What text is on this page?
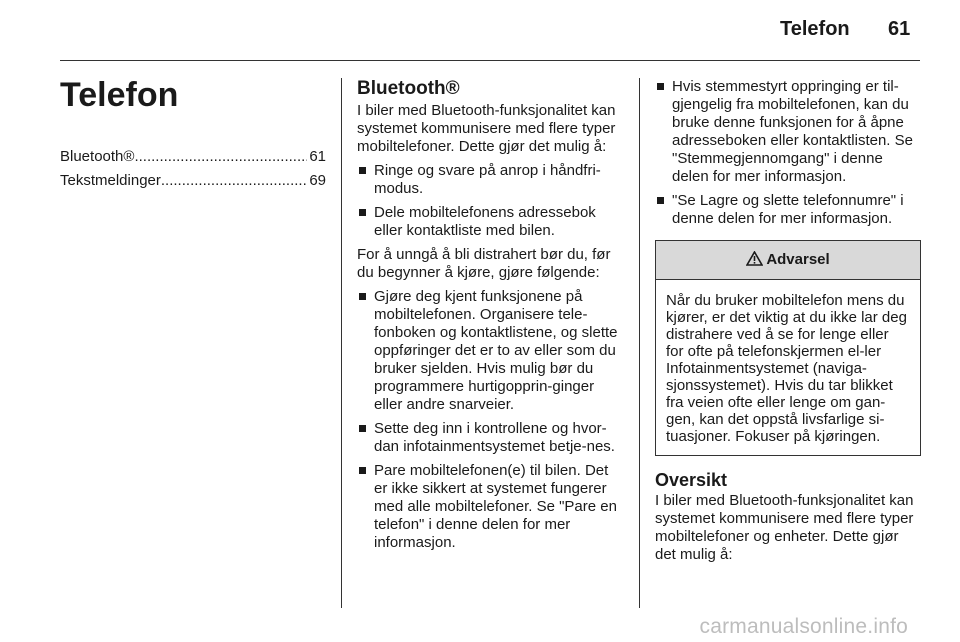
Telefon 61
Telefon
Bluetooth® .....	61
Tekstmeldinger .....	69
Bluetooth®

I biler med Bluetooth-funksjonalitet kan systemet kommunisere med flere typer mobiltelefoner. Dette gjør det mulig å:

Ringe og svare på anrop i håndfri-modus.
Dele mobiltelefonens adressebok eller kontaktliste med bilen.

For å unngå å bli distrahert bør du, før du begynner å kjøre, gjøre følgende:

Gjøre deg kjent funksjonene på mobiltelefonen. Organisere tele-fonboken og kontaktlistene, og slette oppføringer det er to av eller som du bruker sjelden. Hvis mulig bør du programmere hurtigopprin-ginger eller andre snarveier.
Sette deg inn i kontrollene og hvor-dan infotainmentsystemet betje-nes.
Pare mobiltelefonen(e) til bilen. Det er ikke sikkert at systemet fungerer med alle mobiltelefoner. Se "Pare en telefon" i denne delen for mer informasjon.
Hvis stemmestyrt oppringing er til-gjengelig fra mobiltelefonen, kan du bruke denne funksjonen for å åpne adresseboken eller kontaktlisten. Se "Stemmegjennomgang" i denne delen for mer informasjon.
"Se Lagre og slette telefonnumre" i denne delen for mer informasjon.
Advarsel
Når du bruker mobiltelefon mens du kjører, er det viktig at du ikke lar deg distrahere ved å se for lenge eller for ofte på telefonskjermen el-ler Infotainmentsystemet (naviga-sjonssystemet). Hvis du tar blikket fra veien ofte eller lenge om gan-gen, kan det oppstå livsfarlige si-tuasjoner. Fokuser på kjøringen.
Oversikt

I biler med Bluetooth-funksjonalitet kan systemet kommunisere med flere typer mobiltelefoner og enheter. Dette gjør det mulig å:

carmanualsonline.info
